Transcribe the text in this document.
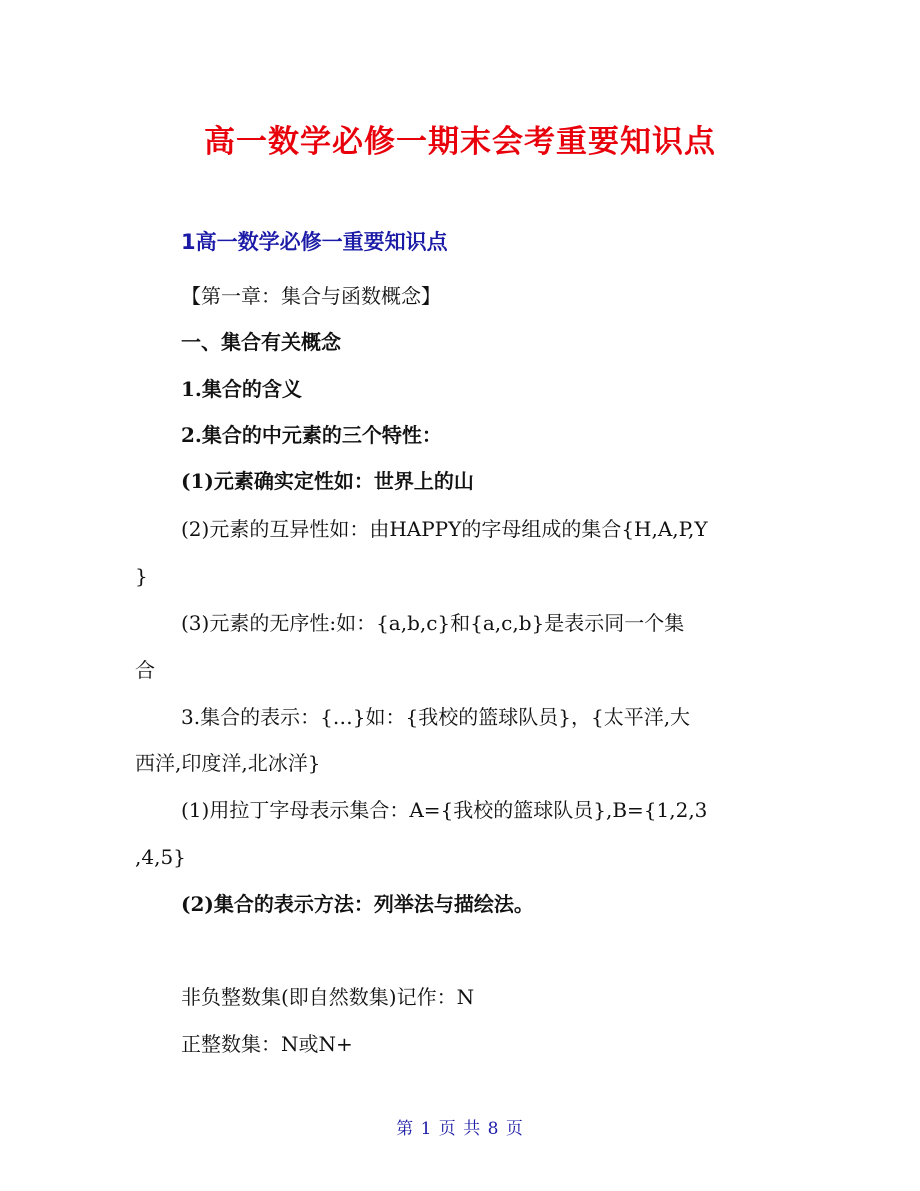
高一数学必修一期末会考重要知识点
1高一数学必修一重要知识点
【第一章：集合与函数概念】
一、集合有关概念
1.集合的含义
2.集合的中元素的三个特性：
(1)元素确实定性如：世界上的山
(2)元素的互异性如：由HAPPY的字母组成的集合{H,A,P,Y
}
(3)元素的无序性:如：{a,b,c}和{a,c,b}是表示同一个集
合
3.集合的表示：{…}如：{我校的篮球队员}，{太平洋,大
西洋,印度洋,北冰洋}
(1)用拉丁字母表示集合：A={我校的篮球队员},B={1,2,3
,4,5}
(2)集合的表示方法：列举法与描绘法。
非负整数集(即自然数集)记作：N
正整数集：N或N+
第 1 页 共 8 页
